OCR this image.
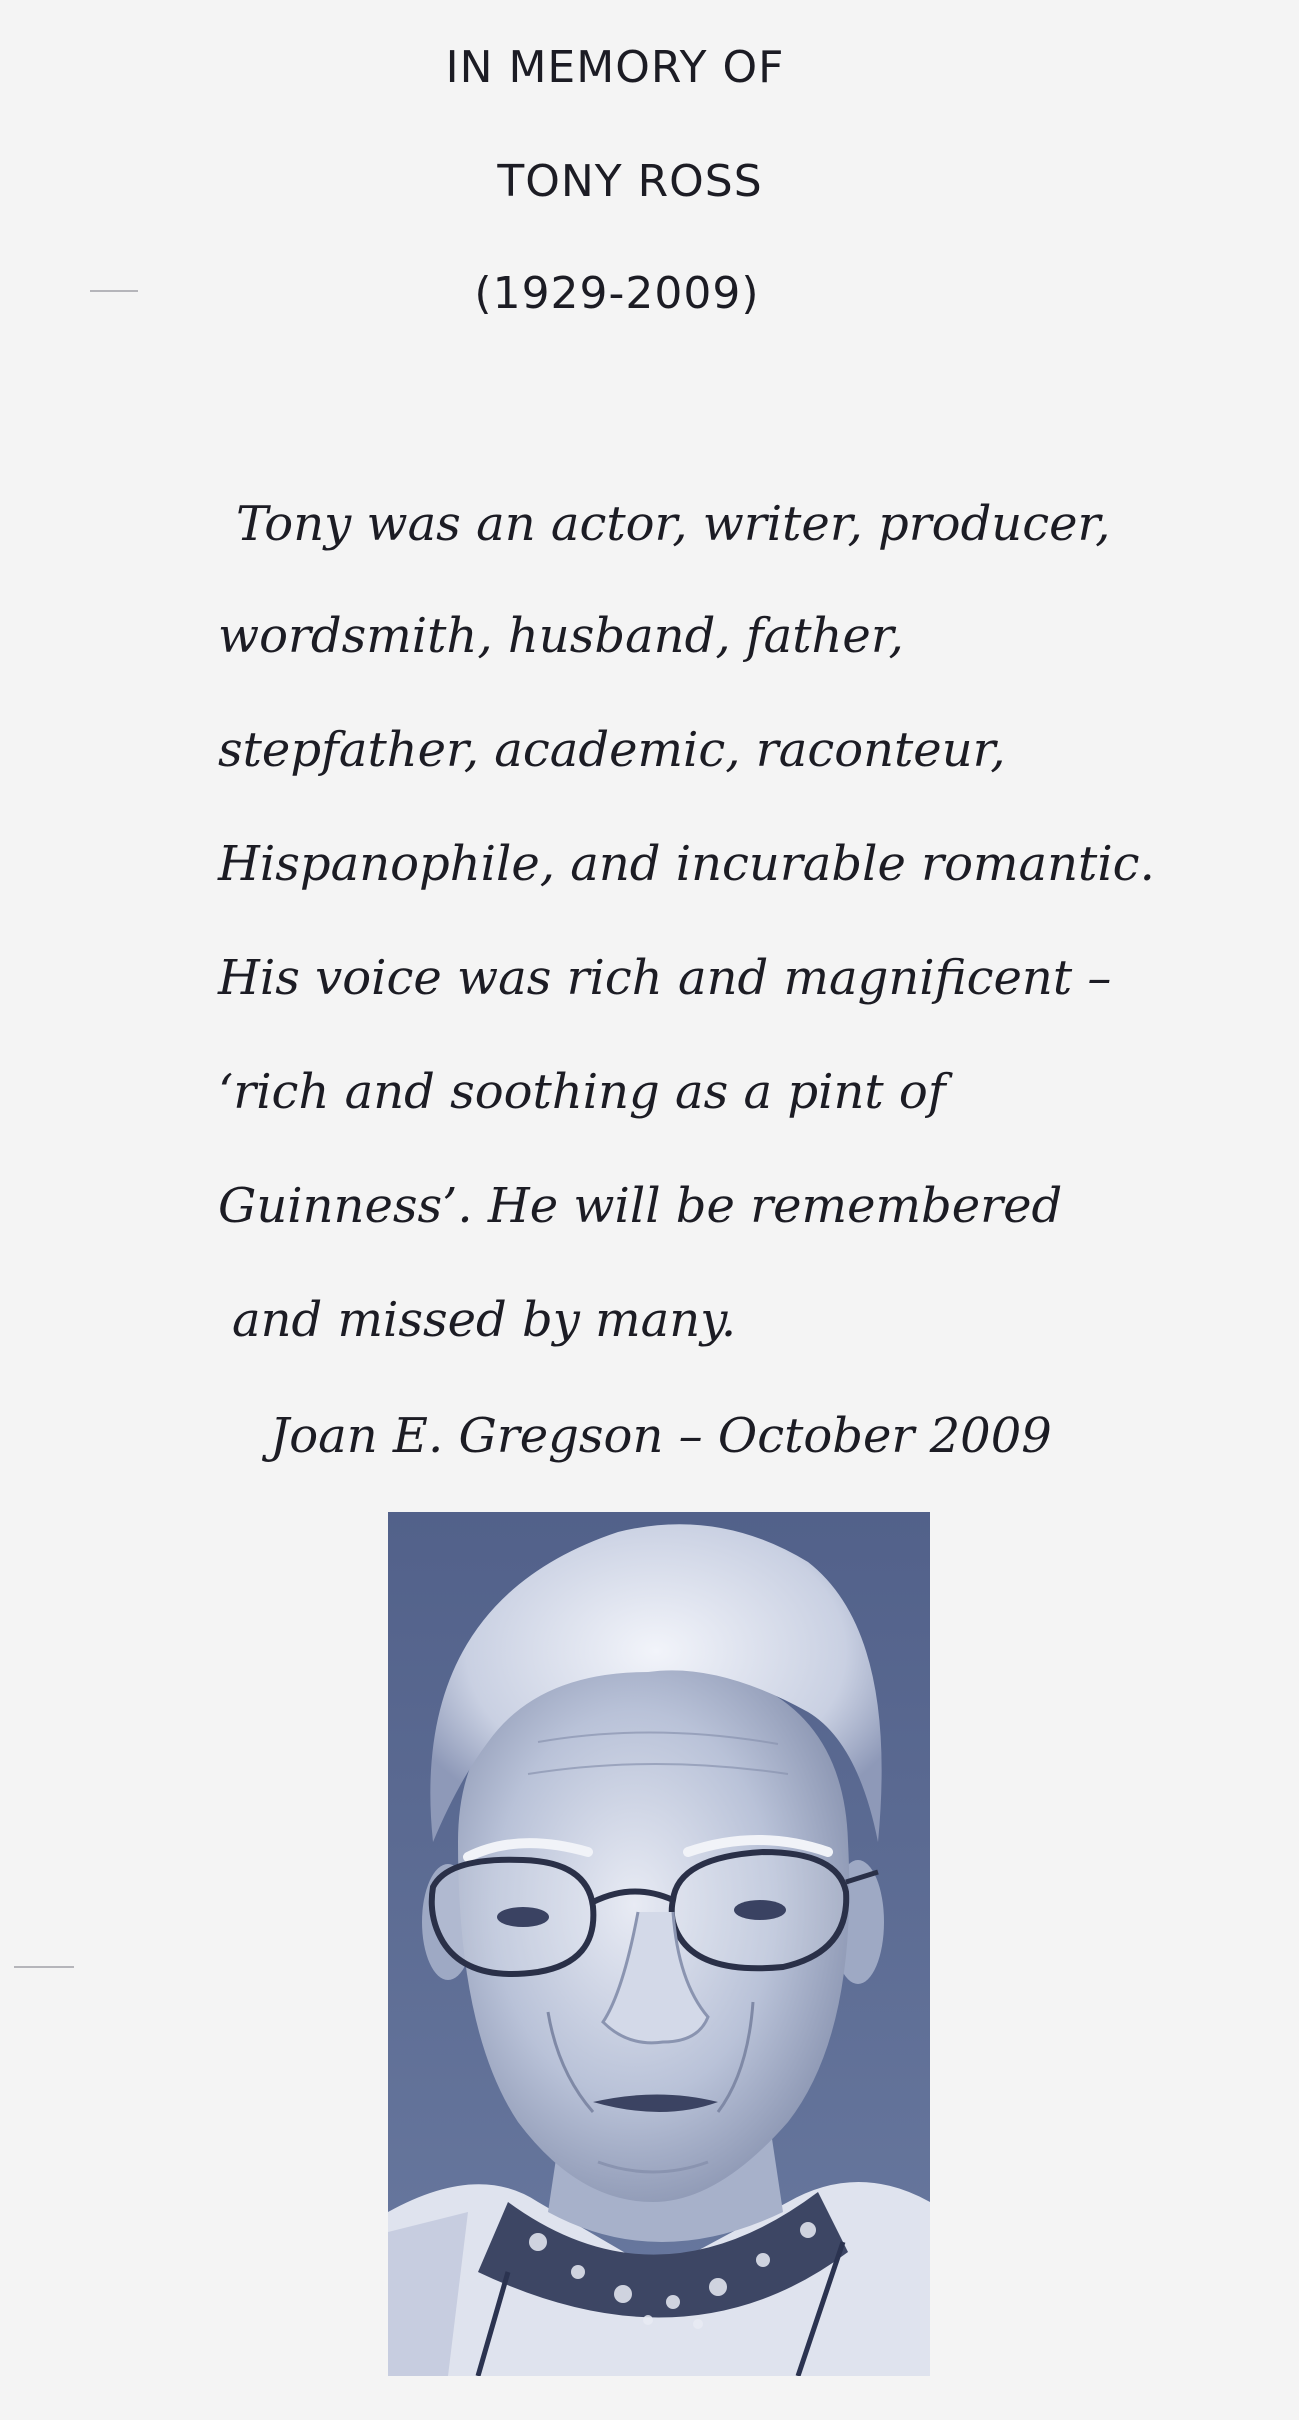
IN MEMORY OF
TONY ROSS
(1929-2009)
Tony was an actor, writer, producer,
wordsmith, husband, father,
stepfather, academic, raconteur,
Hispanophile, and incurable romantic.
His voice was rich and magnificent –
‘rich and soothing as a pint of
Guinness’. He will be remembered
and missed by many.
Joan E. Gregson – October 2009
